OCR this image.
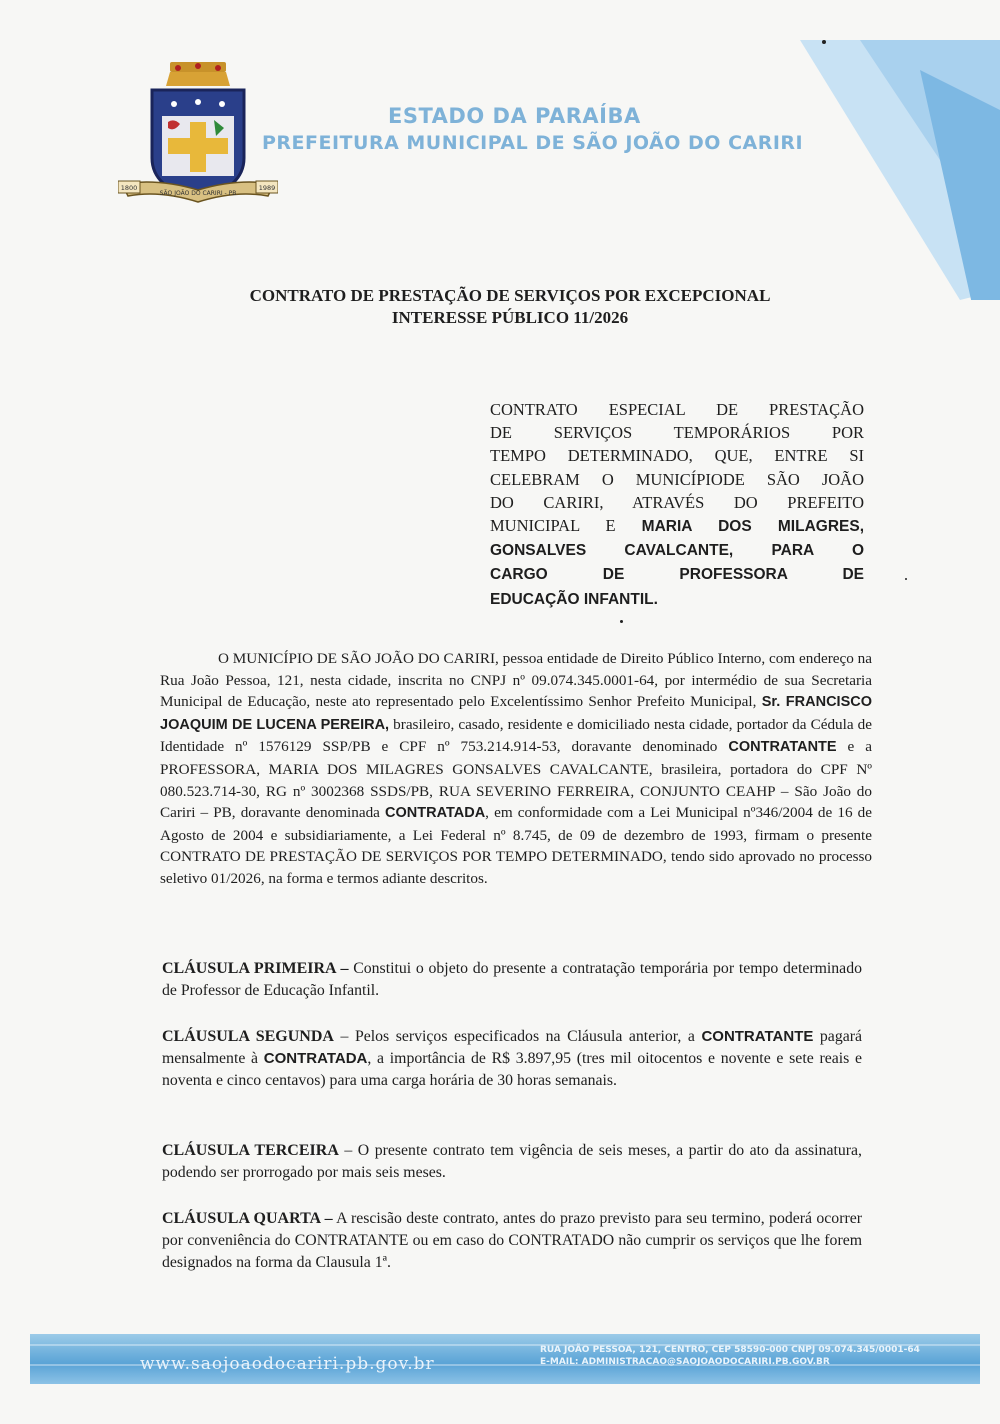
1800	1989
SÃO JOÃO DO CARIRI - PB
ESTADO DA PARAÍBA
PREFEITURA MUNICIPAL DE SÃO JOÃO DO CARIRI
CONTRATO DE PRESTAÇÃO DE SERVIÇOS POR EXCEPCIONAL
INTERESSE PÚBLICO 11/2026
CONTRATO ESPECIAL DE PRESTAÇÃO
DE SERVIÇOS TEMPORÁRIOS POR
TEMPO DETERMINADO, QUE, ENTRE SI
CELEBRAM O MUNICÍPIODE SÃO JOÃO
DO CARIRI, ATRAVÉS DO PREFEITO
MUNICIPAL E MARIA DOS MILAGRES,
GONSALVES CAVALCANTE, PARA O
CARGO DE PROFESSORA DE
EDUCAÇÃO INFANTIL.
O MUNICÍPIO DE SÃO JOÃO DO CARIRI, pessoa entidade de Direito Público Interno, com endereço na Rua João Pessoa, 121, nesta cidade, inscrita no CNPJ nº 09.074.345.0001-64, por intermédio de sua Secretaria Municipal de Educação, neste ato representado pelo Excelentíssimo Senhor Prefeito Municipal, Sr. FRANCISCO JOAQUIM DE LUCENA PEREIRA, brasileiro, casado, residente e domiciliado nesta cidade, portador da Cédula de Identidade nº 1576129 SSP/PB e CPF nº 753.214.914-53, doravante denominado CONTRATANTE e a PROFESSORA, MARIA DOS MILAGRES GONSALVES CAVALCANTE, brasileira, portadora do CPF Nº 080.523.714-30, RG nº 3002368 SSDS/PB, RUA SEVERINO FERREIRA, CONJUNTO CEAHP – São João do Cariri – PB, doravante denominada CONTRATADA, em conformidade com a Lei Municipal nº346/2004 de 16 de Agosto de 2004 e subsidiariamente, a Lei Federal nº 8.745, de 09 de dezembro de 1993, firmam o presente CONTRATO DE PRESTAÇÃO DE SERVIÇOS POR TEMPO DETERMINADO, tendo sido aprovado no processo seletivo 01/2026, na forma e termos adiante descritos.
CLÁUSULA PRIMEIRA – Constitui o objeto do presente a contratação temporária por tempo determinado de Professor de Educação Infantil.
CLÁUSULA SEGUNDA – Pelos serviços especificados na Cláusula anterior, a CONTRATANTE pagará mensalmente à CONTRATADA, a importância de R$ 3.897,95 (tres mil oitocentos e novente e sete reais e noventa e cinco centavos) para uma carga horária de 30 horas semanais.
CLÁUSULA TERCEIRA – O presente contrato tem vigência de seis meses, a partir do ato da assinatura, podendo ser prorrogado por mais seis meses.
CLÁUSULA QUARTA – A rescisão deste contrato, antes do prazo previsto para seu termino, poderá ocorrer por conveniência do CONTRATANTE ou em caso do CONTRATADO não cumprir os serviços que lhe forem designados na forma da Clausula 1ª.
www.saojoaodocariri.pb.gov.br
RUA JOÃO PESSOA, 121, CENTRO, CEP 58590-000 CNPJ 09.074.345/0001-64
E-MAIL: ADMINISTRACAO@SAOJOAODOCARIRI.PB.GOV.BR
